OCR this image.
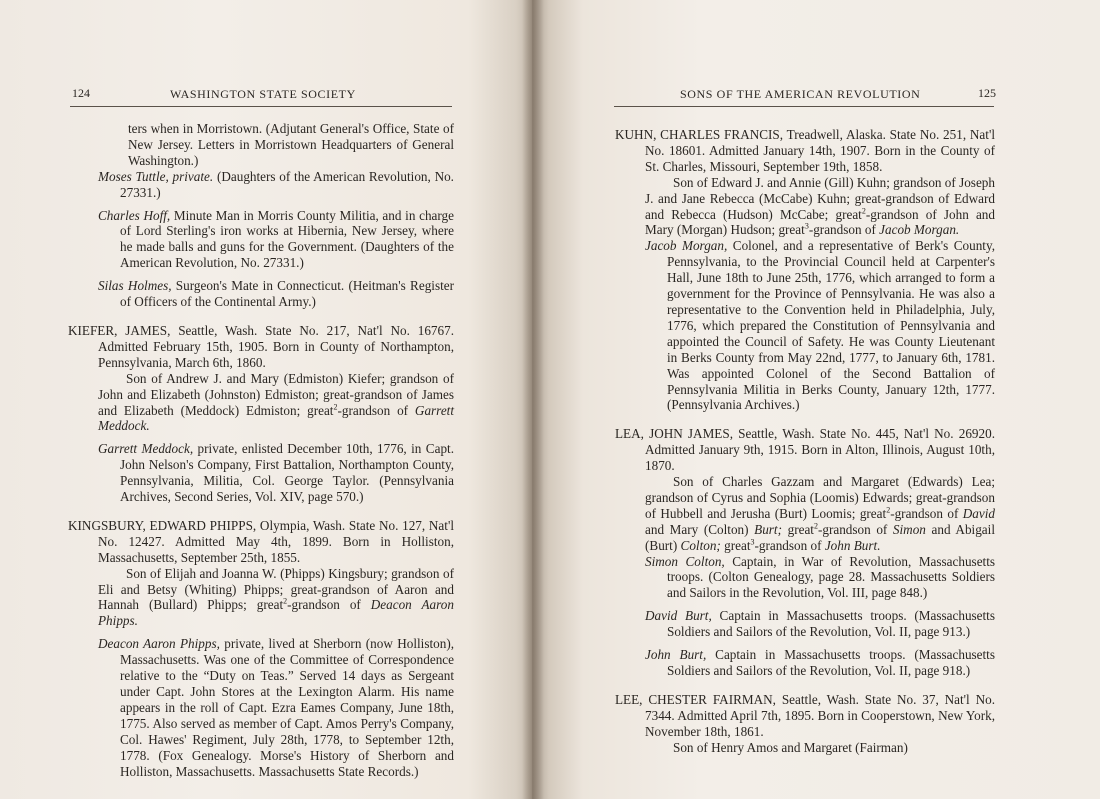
124	WASHINGTON STATE SOCIETY

ters when in Morristown. (Adjutant General's Office, State of New Jersey. Letters in Morristown Headquarters of General Washington.)

Moses Tuttle, private. (Daughters of the American Revolution, No. 27331.)

Charles Hoff, Minute Man in Morris County Militia, and in charge of Lord Sterling's iron works at Hibernia, New Jersey, where he made balls and guns for the Government. (Daughters of the American Revolution, No. 27331.)

Silas Holmes, Surgeon's Mate in Connecticut. (Heitman's Register of Officers of the Continental Army.)

KIEFER, JAMES, Seattle, Wash. State No. 217, Nat'l No. 16767. Admitted February 15th, 1905. Born in County of Northampton, Pennsylvania, March 6th, 1860.

Son of Andrew J. and Mary (Edmiston) Kiefer; grandson of John and Elizabeth (Johnston) Edmiston; great-grandson of James and Elizabeth (Meddock) Edmiston; great$^2$-grandson of Garrett Meddock.

Garrett Meddock, private, enlisted December 10th, 1776, in Capt. John Nelson's Company, First Battalion, Northampton County, Pennsylvania, Militia, Col. George Taylor. (Pennsylvania Archives, Second Series, Vol. XIV, page 570.)

KINGSBURY, EDWARD PHIPPS, Olympia, Wash. State No. 127, Nat'l No. 12427. Admitted May 4th, 1899. Born in Holliston, Massachusetts, September 25th, 1855.

Son of Elijah and Joanna W. (Phipps) Kingsbury; grandson of Eli and Betsy (Whiting) Phipps; great-grandson of Aaron and Hannah (Bullard) Phipps; great$^2$-grandson of Deacon Aaron Phipps.

Deacon Aaron Phipps, private, lived at Sherborn (now Holliston), Massachusetts. Was one of the Committee of Correspondence relative to the “Duty on Teas.” Served 14 days as Sergeant under Capt. John Stores at the Lexington Alarm. His name appears in the roll of Capt. Ezra Eames Company, June 18th, 1775. Also served as member of Capt. Amos Perry's Company, Col. Hawes' Regiment, July 28th, 1778, to September 12th, 1778. (Fox Genealogy. Morse's History of Sherborn and Holliston, Massachusetts. Massachusetts State Records.)

SONS OF THE AMERICAN REVOLUTION	125

KUHN, CHARLES FRANCIS, Treadwell, Alaska. State No. 251, Nat'l No. 18601. Admitted January 14th, 1907. Born in the County of St. Charles, Missouri, September 19th, 1858.

Son of Edward J. and Annie (Gill) Kuhn; grandson of Joseph J. and Jane Rebecca (McCabe) Kuhn; great-grandson of Edward and Rebecca (Hudson) McCabe; great$^2$-grandson of John and Mary (Morgan) Hudson; great$^3$-grandson of Jacob Morgan.

Jacob Morgan, Colonel, and a representative of Berk's County, Pennsylvania, to the Provincial Council held at Carpenter's Hall, June 18th to June 25th, 1776, which arranged to form a government for the Province of Pennsylvania. He was also a representative to the Convention held in Philadelphia, July, 1776, which prepared the Constitution of Pennsylvania and appointed the Council of Safety. He was County Lieutenant in Berks County from May 22nd, 1777, to January 6th, 1781. Was appointed Colonel of the Second Battalion of Pennsylvania Militia in Berks County, January 12th, 1777. (Pennsylvania Archives.)

LEA, JOHN JAMES, Seattle, Wash. State No. 445, Nat'l No. 26920. Admitted January 9th, 1915. Born in Alton, Illinois, August 10th, 1870.

Son of Charles Gazzam and Margaret (Edwards) Lea; grandson of Cyrus and Sophia (Loomis) Edwards; great-grandson of Hubbell and Jerusha (Burt) Loomis; great$^2$-grandson of David and Mary (Colton) Burt; great$^2$-grandson of Simon and Abigail (Burt) Colton; great$^3$-grandson of John Burt.

Simon Colton, Captain, in War of Revolution, Massachusetts troops. (Colton Genealogy, page 28. Massachusetts Soldiers and Sailors in the Revolution, Vol. III, page 848.)

David Burt, Captain in Massachusetts troops. (Massachusetts Soldiers and Sailors of the Revolution, Vol. II, page 913.)

John Burt, Captain in Massachusetts troops. (Massachusetts Soldiers and Sailors of the Revolution, Vol. II, page 918.)

LEE, CHESTER FAIRMAN, Seattle, Wash. State No. 37, Nat'l No. 7344. Admitted April 7th, 1895. Born in Cooperstown, New York, November 18th, 1861.

Son of Henry Amos and Margaret (Fairman)
